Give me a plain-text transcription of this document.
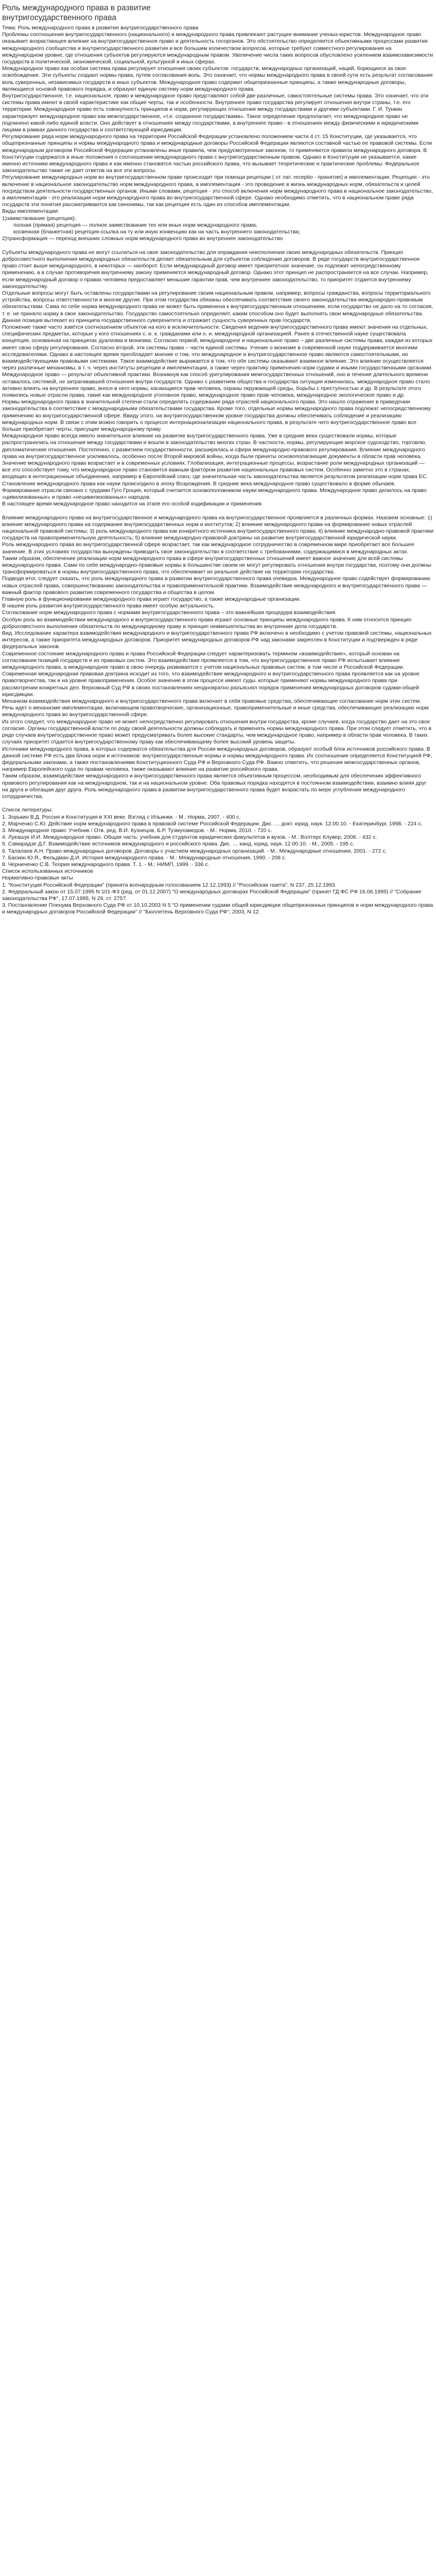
Роль международного права в развитие внутригосударственного права

Тема: Роль международного права в развитие внутригосударственного права

Проблемы соотношения внутригосударственного (национального) и международного права привлекают растущее внимание ученых-юристов. Международное право оказывает возрастающее влияние на внутригосударственное право и деятельность госорганов. Это обстоятельство определяется объективными процессами развития международного сообщества и внутригосударственного развития и все большим количеством вопросов, которые требуют совместного регулирования на международном уровне, где отношения субъектов регулируются международным правом. Увеличение числа таких вопросов обусловлено усилением взаимозависимости государств в политической, экономической, социальной, культурной и иных сферах.

Международное право как особая система права регулирует отношения своих субъектов: государств, международных организаций, наций, борющихся за свое освобождение. Эти субъекты создают нормы права, путем согласования воль. Это означает, что нормы международного права в своей сути есть результат согласования воль суверенных, независимых государств и иных субъектов. Международное право содержит общепризнанные принципы, а также международные договоры, являющиеся основой правового порядка, и образуют единую систему норм международного права.

Внутригосударственное, т.е. национальное, право и международное право представляют собой две различные, самостоятельные системы права. Это означает, что эти системы права имеют в своей характеристике как общие черты, так и особенности. Внутреннее право государства регулирует отношения внутри страны, т.е. его территории. Международное право есть совокупность принципов и норм, регулирующих отношения между государствами и другими субъектами. Г. И. Тункин характеризует международное право как межгосударственное, «т.е. созданное государствами». Такое определение предполагает, что международное право не подчинено какой-либо единой власти. Оно действует в отношениях между государствами, а внутреннее право - в отношениях между физическими и юридическими лицами в рамках данного государства и соответствующей юрисдикции.

Регулирование ряда норм международного права на территории Российской Федерации установлено положением части 4 ст. 15 Конституции, где указывается, что общепризнанные принципы и нормы международного права и международные договоры Российской Федерации являются составной частью ее правовой системы. Если международным договором Российской Федерации установлены иные правила, чем предусмотренные законом, то применяются правила международного договора. В Конституции содержатся и иные положения о соотношении международного права с внутригосударственным правом. Однако в Конституции не указывается, какие именно источники международного права и как именно становятся частью российского права, что вызывает теоретические и практические проблемы. Федеральное законодательство также не дает ответов на все эти вопросы.

Регулирование международных норм во внутригосударственном праве происходит при помощи рецепции ( от лат. receptio - принятие) и имплементации. Рецепция - это включение в национальное законодательство норм международного права, а имплементация - это проведение в жизнь международных норм, обязательств и целей посредством деятельности государственных органов. Иными словами, рецепция - это способ включения норм международного права в национальное законодательство, а имплементация - это реализация норм международного права во внутригосударственной сфере. Однако необходимо отметить, что в национальном праве ряда государств эти понятия рассматриваются как синонимы, так как рецепция есть один из способов имплементации.

Виды имплементации:

1)заимствование (рецепция);

полная (прямая) рецепция — полное заимствование тех или иных норм международного права;

косвенная (бланкетная) рецепция-ссылка на ту или иную конвенцию как на часть внутреннего законодательства;

2)трансформация — переход внешних сложных норм международного права во внутреннее законодательство

Субъекты международного права не могут ссылаться на свое законодательство для оправдания неисполнения своих международных обязательств. Принцип добросовестного выполнения международных обязательств делает обязательным для субъектов соблюдение договоров. В ряде государств внутригосударственное право стоит выше международного, в некоторых — наоборот. Если международный договор имеет приоритетное значение, он подлежит непосредственному применению, а в случае противоречия внутреннему закону применяется международный договор. Однако этот принцип не распространяется на все случаи. Например, если международный договор о правах человека предоставляет меньшие гарантии прав, чем внутреннее законодательство, то приоритет отдается внутреннему законодательству.

Отдельные вопросы могут быть оставлены государствами на регулирование своим национальным правом, например, вопросы гражданства, вопросы территориального устройства, вопросы ответственности и многие другие. При этом государства обязаны обеспечивать соответствие своего законодательства международно-правовым обязательствам. Сама по себе норма международного права не может быть применена к внутригосударственным отношениям, если государство не дало на то согласия, т. е. не приняло норму в свое законодательство. Государство самостоятельно определяет, каким способом оно будет выполнять свои международные обязательства. Данная позиция вытекает из принципа государственного суверенитета и отражает сущность суверенных прав государств.

Положение также часто зовётся соотношением объектов на кого в исключительности. Сведения ведения внутригосударственного права имеют значения на отдельных, специфических предметах, которые у кого отношениях с. и. к. гражданами или о. и. международной организацией. Ранее в отечественной науке существовала концепция, основанная на принципах дуализма и монизма. Согласно первой, международное и национальное право – две различные системы права, каждая из которых имеет свою сферу регулирования. Согласно второй, эти системы права – части единой системы. Учение о монизме в современной науке поддерживается многими исследователями. Однако в настоящее время преобладает мнение о том, что международное и внутригосударственное право являются самостоятельными, но взаимодействующими правовыми системами. Такое взаимодействие выражается в том, что обе системы оказывают взаимное влияние. Это влияние осуществляется через различные механизмы, в т. ч. через институты рецепции и имплементации, а также через практику применения норм судами и иными государственными органами.

Международное право — результат объективной практики. Возникнув как способ урегулирования межгосударственных отношений, оно в течение длительного времени оставалось системой, не затрагивавшей отношения внутри государств. Однако с развитием общества и государства ситуация изменилась: международное право стало активно влиять на внутреннее право, внося в него нормы, касающиеся прав человека, охраны окружающей среды, борьбы с преступностью и др. В результате этого появились новые отрасли права, такие как международное уголовное право, международное право прав человека, международное экологическое право и др.

Нормы международного права в значительной степени стали определять содержание ряда отраслей национального права. Это нашло отражение в приведении законодательства в соответствие с международными обязательствами государства. Кроме того, отдельные нормы международного права подлежат непосредственному применению во внутригосударственной сфере. Ввиду этого, на внутригосударственном уровне государства должны обеспечивать соблюдение и реализацию международных норм. В связи с этим можно говорить о процессе интернационализации национального права, в результате чего внутригосударственное право все больше приобретает черты, присущие международному праву.

Международное право всегда имело значительное влияние на развитие внутригосударственного права. Уже в средние века существовали нормы, которые распространялись на отношения между государствами и вошли в законодательство многих стран. В частности, нормы, регулирующие морское судоходство, торговлю, дипломатические отношения. Постепенно, с развитием государственности, расширялась и сфера международно-правового регулирования. Влияние международного права на внутригосударственное усиливалось, особенно после Второй мировой войны, когда были приняты основополагающие документы в области прав человека.

Значение международного права возрастает и в современных условиях. Глобализация, интеграционные процессы, возрастание роли международных организаций — все это способствует тому, что международное право становится важным фактором развития национальных правовых систем. Особенно заметно это в странах, входящих в интеграционные объединения, например в Европейский союз, где значительная часть законодательства является результатом реализации норм права ЕС.

Становление международного права как науки происходило в эпоху Возрождения. В средние века международное право существовало в форме обычаев. Формирование отрасли связано с трудами Гуго Гроция, который считается основоположником науки международного права. Международное право делилось на право «цивилизованных» и право «нецивилизованных» народов.

В настоящее время международное право находится на этапе его особой кодификации и применения.

Влияние международного права на внутригосударственное и международного права на внутригосударственное проявляется в различных формах. Назовем основные: 1) влияние международного права на содержание внутригосударственных норм и институтов; 2) влияние международного права на формирование новых отраслей национальной правовой системы; 3) роль международного права как конкретного источника внутригосударственного права; 4) влияние международно-правовой практики государств на правоприменительную деятельность; 5) влияние международно-правовой доктрины на развитие внутригосударственной юридической науки.

Роль международного права во внутригосударственной сфере возрастает, так как международное сотрудничество в современном мире приобретает все большее значение. В этих условиях государства вынуждены приводить свое законодательство в соответствие с требованиями, содержащимися в международных актах.

Таким образом, обеспечение реализации норм международного права в сфере внутригосударственных отношений имеет важное значение для всей системы международного права. Сами по себе международно-правовые нормы в большинстве своем не могут регулировать отношения внутри государства, поэтому они должны трансформироваться в нормы внутригосударственного права, что обеспечивает их реальное действие на территории государства.

Подводя итог, следует сказать, что роль международного права в развитии внутригосударственного права очевидна. Международное право содействует формированию новых отраслей права, совершенствованию законодательства и правоприменительной практики. Взаимодействие международного и внутригосударственного права — важный фактор правового развития современного государства и общества в целом.

Главную роль в функционировании международного права играет государство, а также международные организации.

В нашем роль развития внутригосударственного права имеет особую актуальность.

Согласование норм международного права с нормами внутригосударственного права – это важнейшая процедура взаимодействия.

Особую роль во взаимодействии международного и внутригосударственного права играют основные принципы международного права. К ним относится принцип добросовестного выполнения обязательств по международному праву и принцип невмешательства во внутренние дела государств.

Вид. Исследование характера взаимодействия международного и внутригосударственного права РФ включено в необходимо с учетом правовой системы, национальных интересов, а также приоритета международных договоров. Приоритет международных договоров РФ над законами закреплен в Конституции и подтвержден в ряде федеральных законов.

Современное состояние международного права и права Российской Федерации следует характеризовать термином «взаимодействие», который основан на согласовании позиций государств и их правовых систем. Это взаимодействие проявляется в том, что внутригосударственное право РФ испытывает влияние международного права, а международное право в свою очередь развивается с учетом национальных правовых систем, в том числе и Российской Федерации.

Современная международная правовая доктрина исходит из того, что взаимодействие международного и внутригосударственного права проявляется как на уровне правотворчества, так и на уровне правоприменения. Особое значение в этом процессе имеют суды, которые применяют нормы международного права при рассмотрении конкретных дел. Верховный Суд РФ в своих постановлениях неоднократно разъяснял порядок применения международных договоров судами общей юрисдикции.

Механизм взаимодействия международного и внутригосударственного права включает в себя правовые средства, обеспечивающие согласование норм этих систем. Речь идет о механизме имплементации, включающем правотворческие, организационные, правоприменительные и иные средства, обеспечивающие реализацию норм международного права во внутригосударственной сфере.

Из этого следует, что международное право не может непосредственно регулировать отношения внутри государства, кроме случаев, когда государство дает на это свое согласие. Органы государственной власти по роду своей деятельности должны соблюдать и применять нормы международного права. При этом следует отметить, что в ряде случаев внутригосударственное право может предусматривать более высокие стандарты, чем международное право, например в области прав человека. В таких случаях приоритет отдается внутригосударственному праву как обеспечивающему более высокий уровень защиты.

Источники международного права, в которых содержатся обязательства для России международных договоров, образуют особый блок источников российского права. В данной системе РФ есть два блока норм и источников: внутригосударственные нормы и нормы международного права. Их соотношение определяется Конституцией РФ, федеральными законами, а также постановлениями Конституционного Суда РФ и Верховного Суда РФ. Важно отметить, что решения межгосударственных органов, например Европейского суда по правам человека, также оказывают влияние на развитие российского права.

Таким образом, взаимодействие международного и внутригосударственного права является объективным процессом, необходимым для обеспечения эффективного правового регулирования как на международном, так и на национальном уровне. Оба правовых порядка находятся в постоянном взаимодействии, взаимно влияя друг на друга и обогащая друг друга. Роль международного права в развитии внутригосударственного права будет возрастать по мере углубления международного сотрудничества.

Список литературы:

1. Зорькин В.Д. Россия и Конституция в XXI веке. Взгляд с Ильинки. - М.: Норма, 2007. - 400 с.

2. Марченко С.Ю. Действие норм международного права в правовой системе Российской Федерации. Дис. … докт. юрид. наук. 12.00.10. - Екатеринбург, 1998. - 224 с.

3. Международное право: Учебник / Отв. ред. В.И. Кузнецов, Б.Р. Тузмухамедов. - М.: Норма, 2010. - 720 с.

4. Лукашук И.И. Международное право. Общая часть: учебник для студентов юридических факультетов и вузов. - М.: Волтерс Клувер, 2008. - 432 с.

5. Самарадзе Д.Г. Взаимодействие источников международного и российского права. Дис. … канд. юрид. наук. 12.00.10. - М., 2005. - 195 с.

6. Талалаев А.Н. Право международных договоров. Договоры с участием международных организаций. - М.: Международные отношения, 2001. - 272 с.

7. Баскин Ю.Я., Фельдман Д.И. История международного права. - М.: Международные отношения, 1990. - 208 с.

8. Черниченко С.В. Теория международного права. Т. 1. - М.: НИМП, 1999. - 336 с.

Список использованных источников

Нормативно-правовые акты

1. "Конституция Российской Федерации" (принята всенародным голосованием 12.12.1993) // "Российская газета", N 237, 25.12.1993.

2. Федеральный закон от 15.07.1995 N 101-ФЗ (ред. от 01.12.2007) "О международных договорах Российской Федерации" (принят ГД ФС РФ 16.06.1995) // "Собрание законодательства РФ", 17.07.1995, N 29, ст. 2757.

3. Постановление Пленума Верховного Суда РФ от 10.10.2003 N 5 "О применении судами общей юрисдикции общепризнанных принципов и норм международного права и международных договоров Российской Федерации" // "Бюллетень Верховного Суда РФ", 2003, N 12.
